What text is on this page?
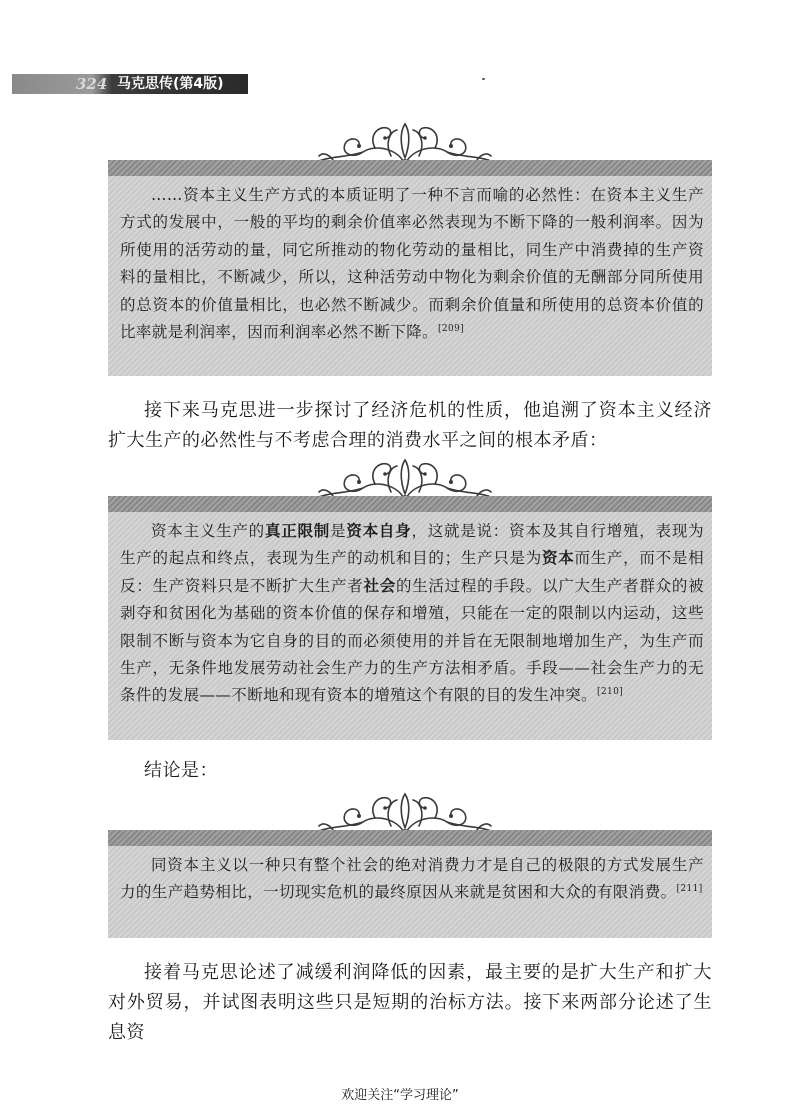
324 马克思传(第4版)

……资本主义生产方式的本质证明了一种不言而喻的必然性：在资本主义生产方式的发展中，一般的平均的剩余价值率必然表现为不断下降的一般利润率。因为所使用的活劳动的量，同它所推动的物化劳动的量相比，同生产中消费掉的生产资料的量相比，不断减少，所以，这种活劳动中物化为剩余价值的无酬部分同所使用的总资本的价值量相比，也必然不断减少。而剩余价值量和所使用的总资本价值的比率就是利润率，因而利润率必然不断下降。[209]

接下来马克思进一步探讨了经济危机的性质，他追溯了资本主义经济扩大生产的必然性与不考虑合理的消费水平之间的根本矛盾：

资本主义生产的真正限制是资本自身，这就是说：资本及其自行增殖，表现为生产的起点和终点，表现为生产的动机和目的；生产只是为资本而生产，而不是相反：生产资料只是不断扩大生产者社会的生活过程的手段。以广大生产者群众的被剥夺和贫困化为基础的资本价值的保存和增殖，只能在一定的限制以内运动，这些限制不断与资本为它自身的目的而必须使用的并旨在无限制地增加生产，为生产而生产，无条件地发展劳动社会生产力的生产方法相矛盾。手段——社会生产力的无条件的发展——不断地和现有资本的增殖这个有限的目的发生冲突。[210]

结论是：

同资本主义以一种只有整个社会的绝对消费力才是自己的极限的方式发展生产力的生产趋势相比，一切现实危机的最终原因从来就是贫困和大众的有限消费。[211]

接着马克思论述了减缓利润降低的因素，最主要的是扩大生产和扩大对外贸易，并试图表明这些只是短期的治标方法。接下来两部分论述了生息资

欢迎关注“学习理论”
